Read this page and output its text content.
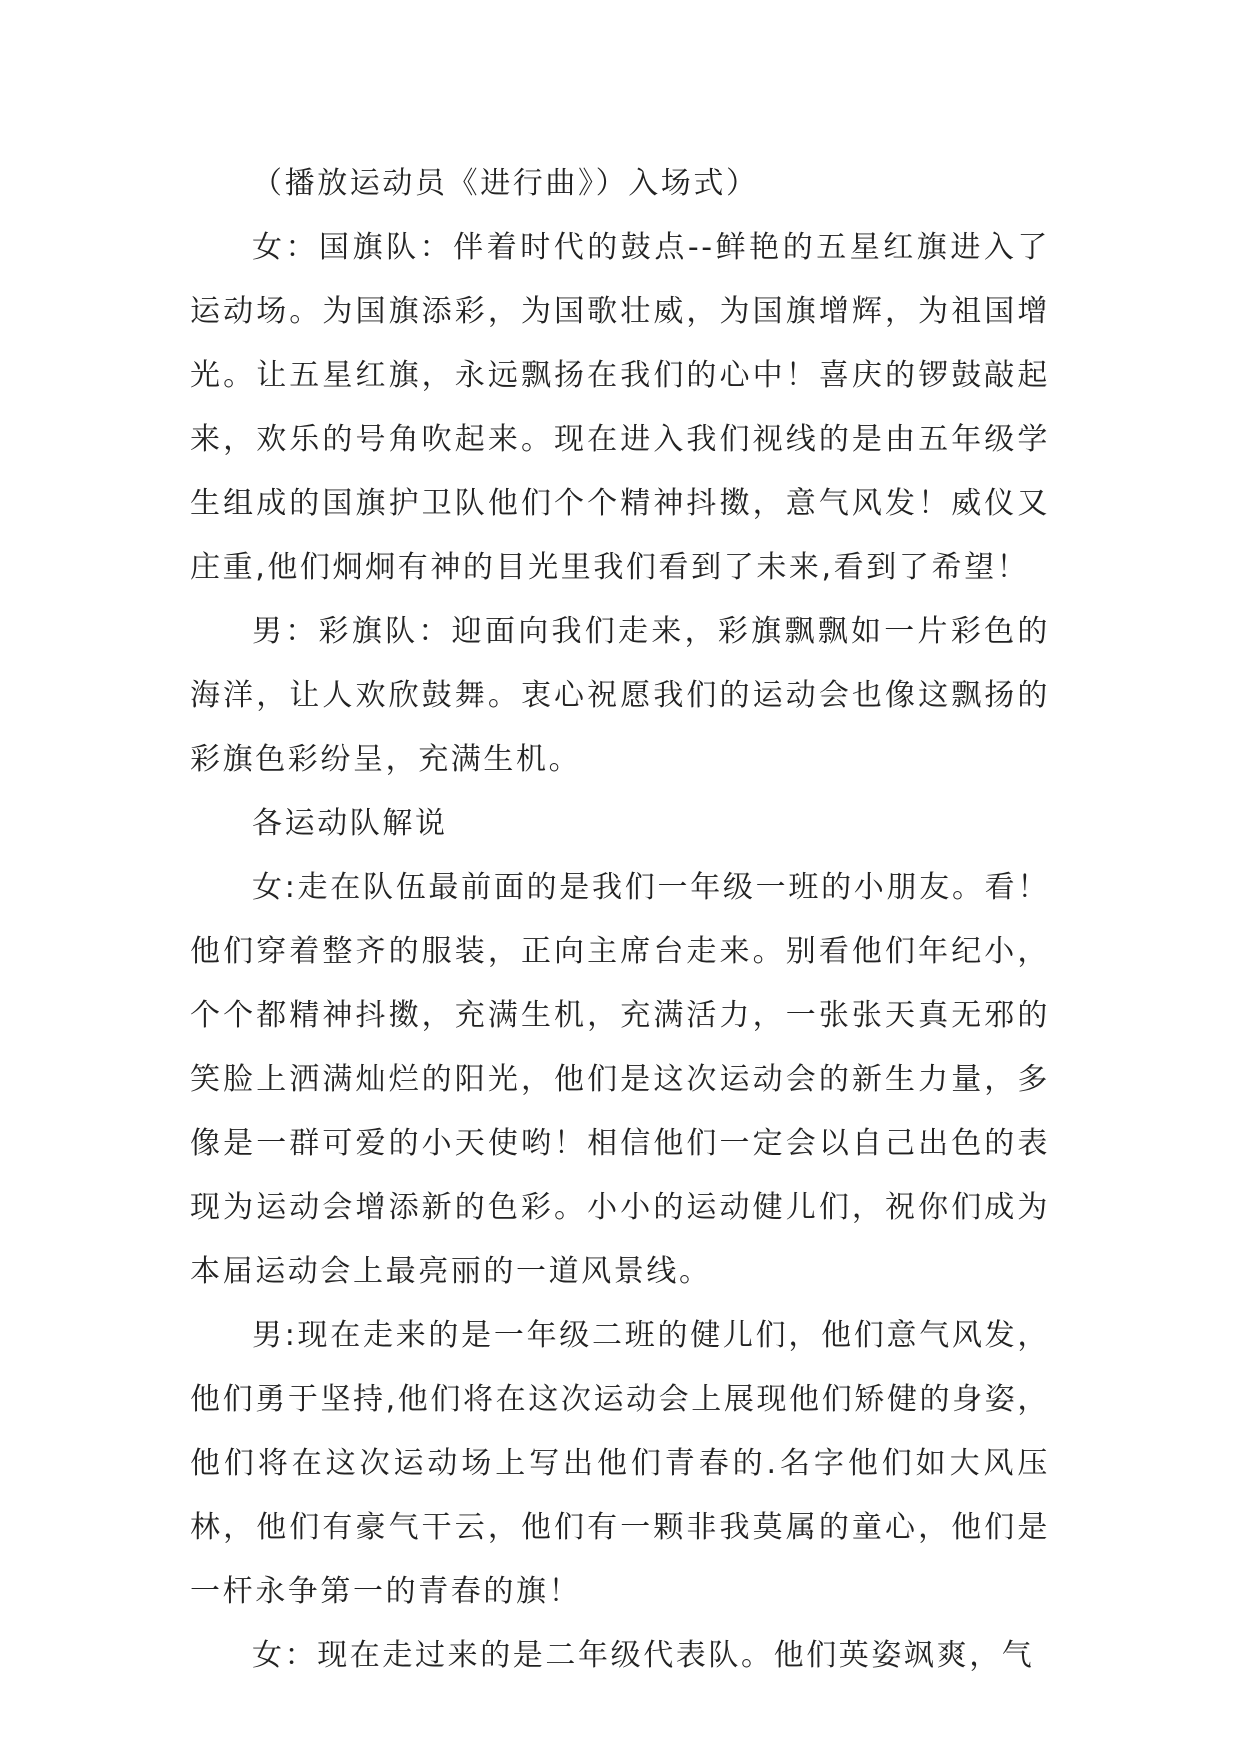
（播放运动员《进行曲》）入场式）

女：国旗队：伴着时代的鼓点--鲜艳的五星红旗进入了运动场。为国旗添彩，为国歌壮威，为国旗增辉，为祖国增光。让五星红旗，永远飘扬在我们的心中！喜庆的锣鼓敲起来，欢乐的号角吹起来。现在进入我们视线的是由五年级学生组成的国旗护卫队他们个个精神抖擞，意气风发！威仪又庄重,他们炯炯有神的目光里我们看到了未来,看到了希望！

男：彩旗队：迎面向我们走来，彩旗飘飘如一片彩色的海洋，让人欢欣鼓舞。衷心祝愿我们的运动会也像这飘扬的彩旗色彩纷呈，充满生机。

各运动队解说

女:走在队伍最前面的是我们一年级一班的小朋友。看！他们穿着整齐的服装，正向主席台走来。别看他们年纪小，个个都精神抖擞，充满生机，充满活力，一张张天真无邪的笑脸上洒满灿烂的阳光，他们是这次运动会的新生力量，多像是一群可爱的小天使哟！相信他们一定会以自己出色的表现为运动会增添新的色彩。小小的运动健儿们，祝你们成为本届运动会上最亮丽的一道风景线。

男:现在走来的是一年级二班的健儿们，他们意气风发，他们勇于坚持,他们将在这次运动会上展现他们矫健的身姿，他们将在这次运动场上写出他们青春的.名字他们如大风压林，他们有豪气干云，他们有一颗非我莫属的童心，他们是一杆永争第一的青春的旗！

女：现在走过来的是二年级代表队。他们英姿飒爽，气
